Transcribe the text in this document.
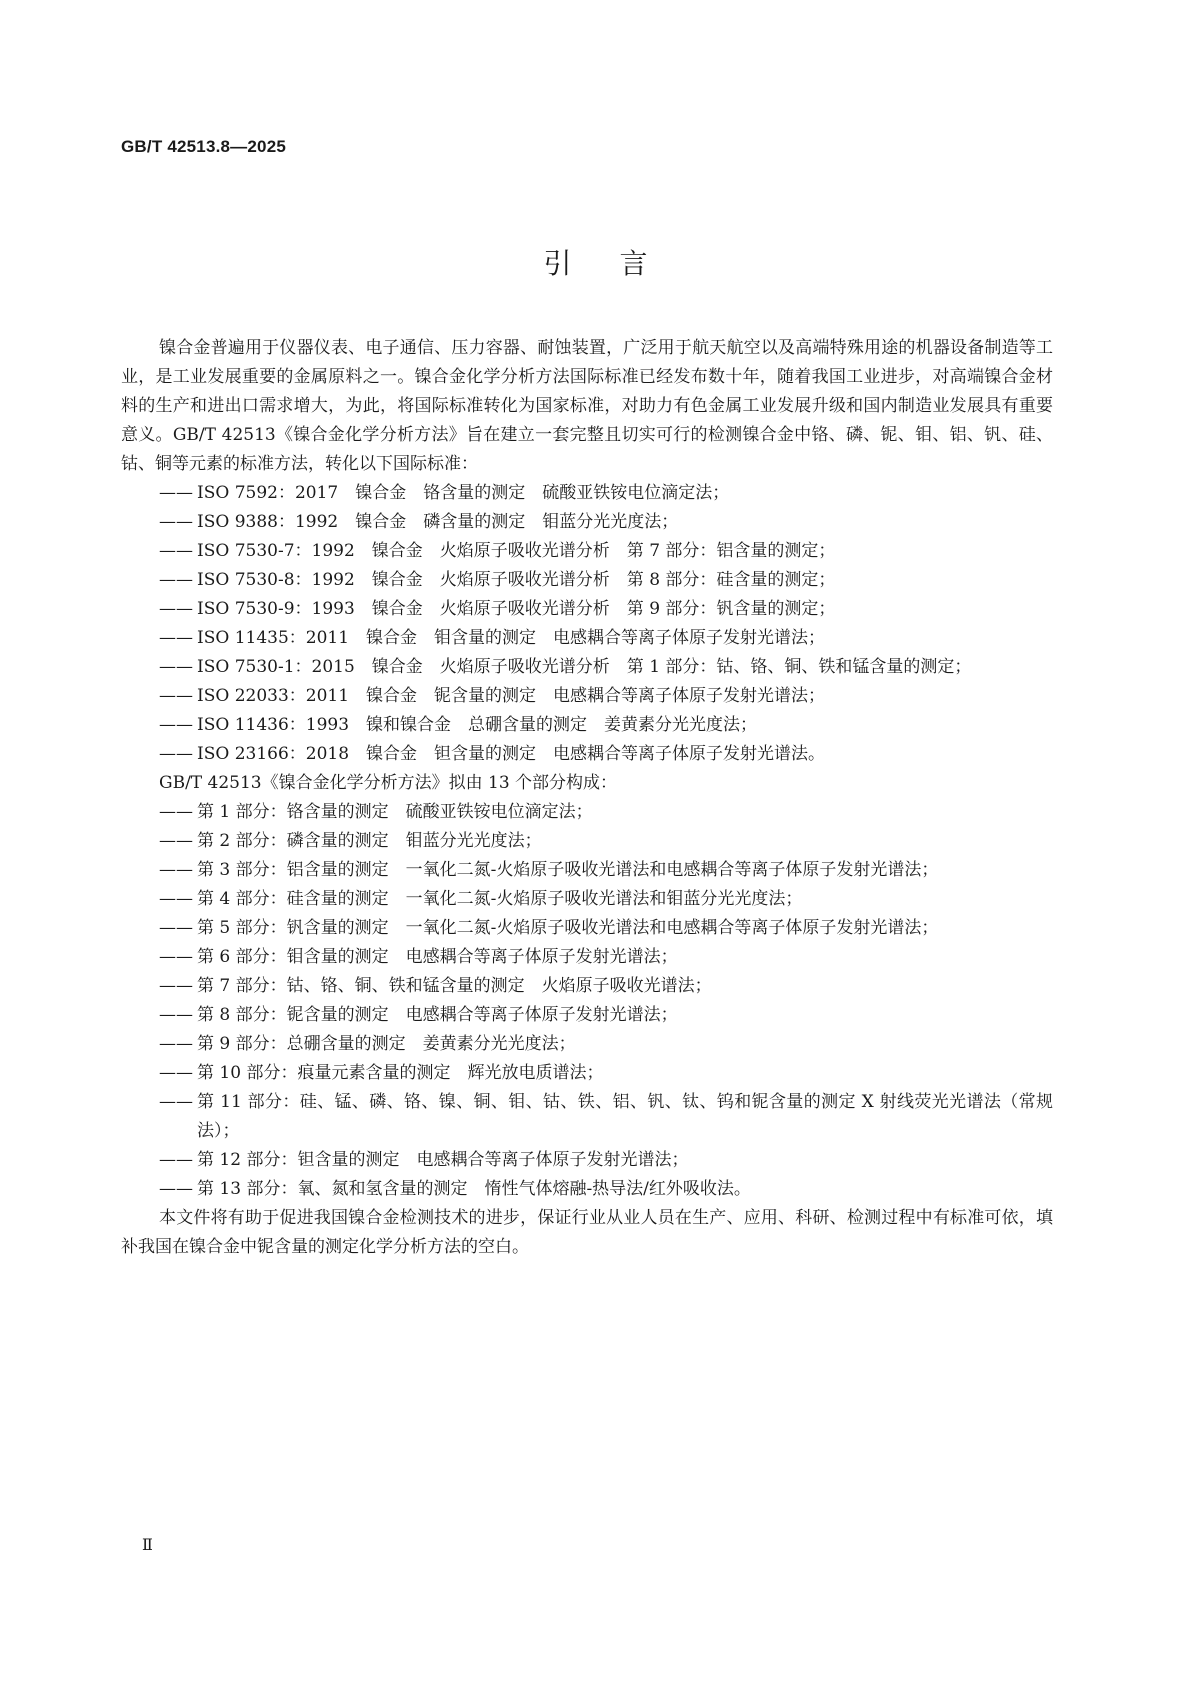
GB/T 42513.8—2025
引言

镍合金普遍用于仪器仪表、电子通信、压力容器、耐蚀装置，广泛用于航天航空以及高端特殊用途的机器设备制造等工业，是工业发展重要的金属原料之一。镍合金化学分析方法国际标准已经发布数十年，随着我国工业进步，对高端镍合金材料的生产和进出口需求增大，为此，将国际标准转化为国家标准，对助力有色金属工业发展升级和国内制造业发展具有重要意义。GB/T 42513《镍合金化学分析方法》旨在建立一套完整且切实可行的检测镍合金中铬、磷、铌、钼、铝、钒、硅、钴、铜等元素的标准方法，转化以下国际标准：

—— ISO 7592：2017　镍合金　铬含量的测定　硫酸亚铁铵电位滴定法；
—— ISO 9388：1992　镍合金　磷含量的测定　钼蓝分光光度法；
—— ISO 7530-7：1992　镍合金　火焰原子吸收光谱分析　第 7 部分：铝含量的测定；
—— ISO 7530-8：1992　镍合金　火焰原子吸收光谱分析　第 8 部分：硅含量的测定；
—— ISO 7530-9：1993　镍合金　火焰原子吸收光谱分析　第 9 部分：钒含量的测定；
—— ISO 11435：2011　镍合金　钼含量的测定　电感耦合等离子体原子发射光谱法；
—— ISO 7530-1：2015　镍合金　火焰原子吸收光谱分析　第 1 部分：钴、铬、铜、铁和锰含量的测定；
—— ISO 22033：2011　镍合金　铌含量的测定　电感耦合等离子体原子发射光谱法；
—— ISO 11436：1993　镍和镍合金　总硼含量的测定　姜黄素分光光度法；
—— ISO 23166：2018　镍合金　钽含量的测定　电感耦合等离子体原子发射光谱法。

GB/T 42513《镍合金化学分析方法》拟由 13 个部分构成：

—— 第 1 部分：铬含量的测定　硫酸亚铁铵电位滴定法；
—— 第 2 部分：磷含量的测定　钼蓝分光光度法；
—— 第 3 部分：铝含量的测定　一氧化二氮-火焰原子吸收光谱法和电感耦合等离子体原子发射光谱法；
—— 第 4 部分：硅含量的测定　一氧化二氮-火焰原子吸收光谱法和钼蓝分光光度法；
—— 第 5 部分：钒含量的测定　一氧化二氮-火焰原子吸收光谱法和电感耦合等离子体原子发射光谱法；
—— 第 6 部分：钼含量的测定　电感耦合等离子体原子发射光谱法；
—— 第 7 部分：钴、铬、铜、铁和锰含量的测定　火焰原子吸收光谱法；
—— 第 8 部分：铌含量的测定　电感耦合等离子体原子发射光谱法；
—— 第 9 部分：总硼含量的测定　姜黄素分光光度法；
—— 第 10 部分：痕量元素含量的测定　辉光放电质谱法；
—— 第 11 部分：硅、锰、磷、铬、镍、铜、钼、钴、铁、铝、钒、钛、钨和铌含量的测定 X 射线荧光光谱法（常规法）；
—— 第 12 部分：钽含量的测定　电感耦合等离子体原子发射光谱法；
—— 第 13 部分：氧、氮和氢含量的测定　惰性气体熔融-热导法/红外吸收法。

本文件将有助于促进我国镍合金检测技术的进步，保证行业从业人员在生产、应用、科研、检测过程中有标准可依，填补我国在镍合金中铌含量的测定化学分析方法的空白。

Ⅱ
